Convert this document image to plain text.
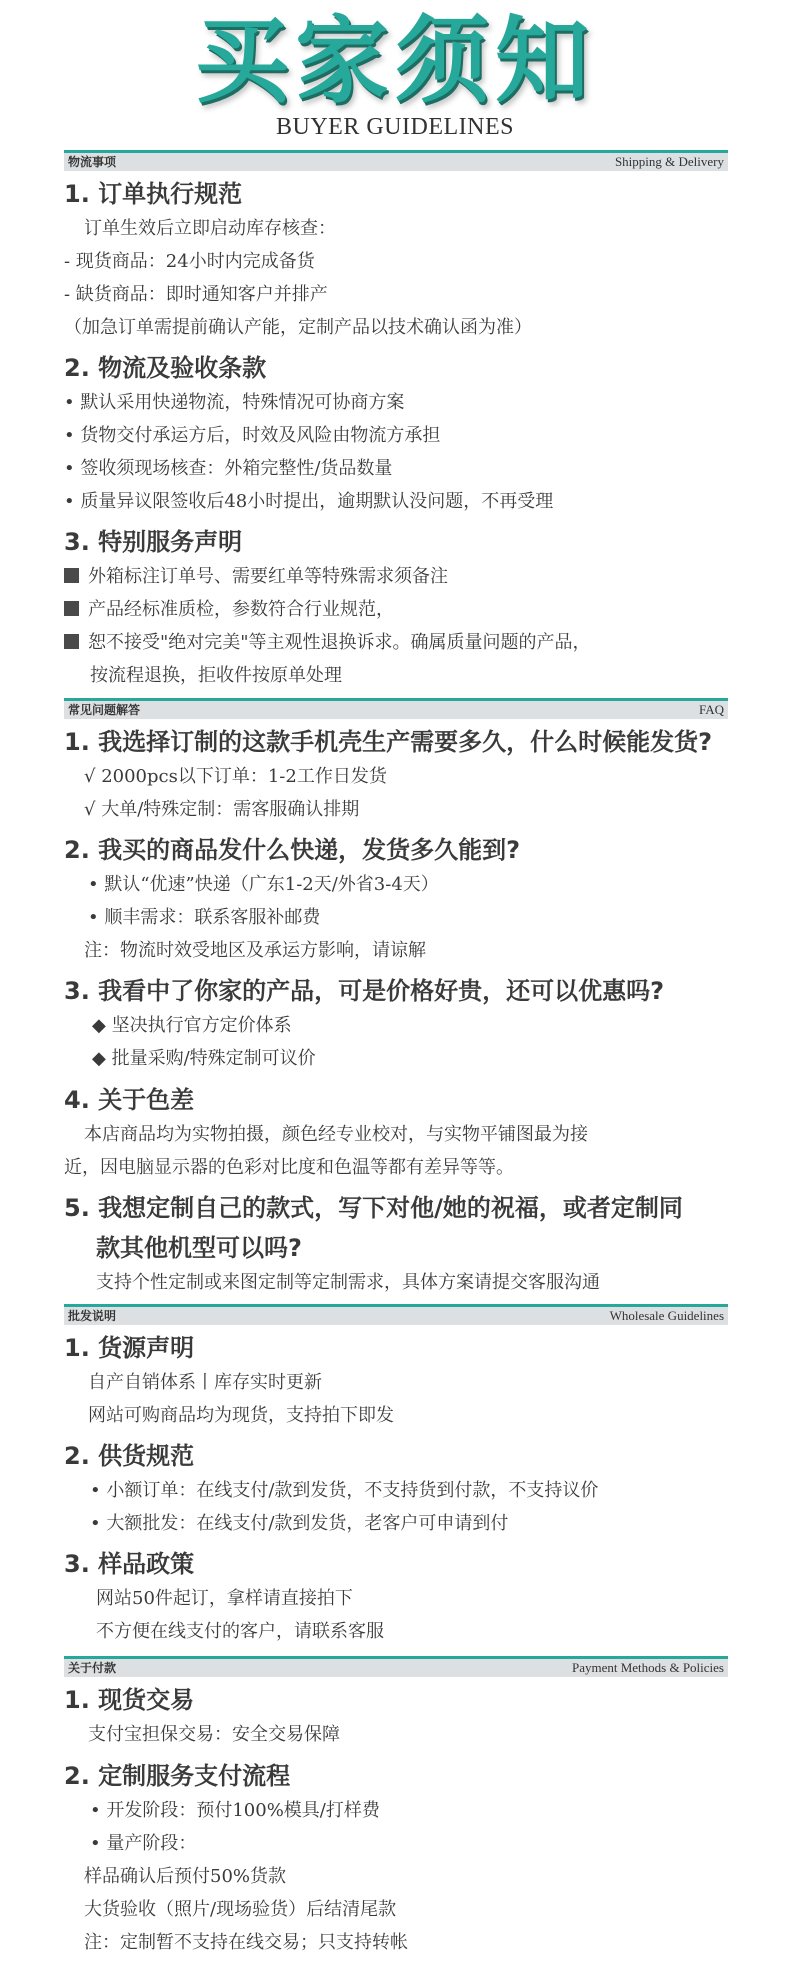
买家须知
BUYER GUIDELINES
物流事项	Shipping & Delivery
1. 订单执行规范
订单生效后立即启动库存核查：
- 现货商品：24小时内完成备货
- 缺货商品：即时通知客户并排产
（加急订单需提前确认产能，定制产品以技术确认函为准）
2. 物流及验收条款
• 默认采用快递物流，特殊情况可协商方案
• 货物交付承运方后，时效及风险由物流方承担
• 签收须现场核查：外箱完整性/货品数量
• 质量异议限签收后48小时提出，逾期默认没问题，不再受理
3. 特别服务声明
外箱标注订单号、需要红单等特殊需求须备注
产品经标准质检，参数符合行业规范，
恕不接受"绝对完美"等主观性退换诉求。确属质量问题的产品，
按流程退换，拒收件按原单处理
常见问题解答	FAQ
1. 我选择订制的这款手机壳生产需要多久，什么时候能发货?
√ 2000pcs以下订单：1-2工作日发货
√ 大单/特殊定制：需客服确认排期
2. 我买的商品发什么快递，发货多久能到?
• 默认“优速”快递（广东1-2天/外省3-4天）
• 顺丰需求：联系客服补邮费
注：物流时效受地区及承运方影响，请谅解
3. 我看中了你家的产品，可是价格好贵，还可以优惠吗?
◆ 坚决执行官方定价体系
◆ 批量采购/特殊定制可议价
4. 关于色差
本店商品均为实物拍摄，颜色经专业校对，与实物平铺图最为接
近，因电脑显示器的色彩对比度和色温等都有差异等等。
5. 我想定制自己的款式，写下对他/她的祝福，或者定制同
款其他机型可以吗?
支持个性定制或来图定制等定制需求，具体方案请提交客服沟通
批发说明	Wholesale Guidelines
1. 货源声明
自产自销体系丨库存实时更新
网站可购商品均为现货，支持拍下即发
2. 供货规范
• 小额订单：在线支付/款到发货，不支持货到付款，不支持议价
• 大额批发：在线支付/款到发货，老客户可申请到付
3. 样品政策
网站50件起订，拿样请直接拍下
不方便在线支付的客户，请联系客服
关于付款	Payment Methods & Policies
1. 现货交易
支付宝担保交易：安全交易保障
2. 定制服务支付流程
• 开发阶段：预付100%模具/打样费
• 量产阶段：
样品确认后预付50%货款
大货验收（照片/现场验货）后结清尾款
注：定制暂不支持在线交易；只支持转帐
